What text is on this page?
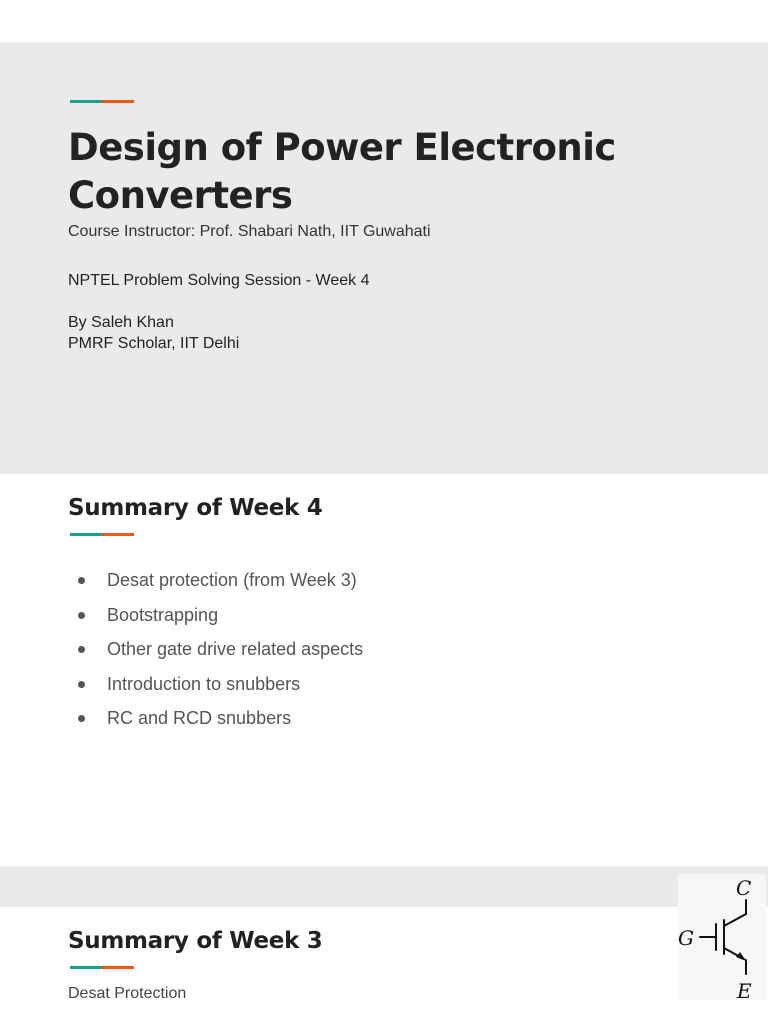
Design of Power Electronic Converters
Course Instructor: Prof. Shabari Nath, IIT Guwahati
NPTEL Problem Solving Session - Week 4
By Saleh Khan
PMRF Scholar, IIT Delhi
Summary of Week 4
Desat protection (from Week 3)
Bootstrapping
Other gate drive related aspects
Introduction to snubbers
RC and RCD snubbers
Summary of Week 3
Desat Protection
C
G
E
